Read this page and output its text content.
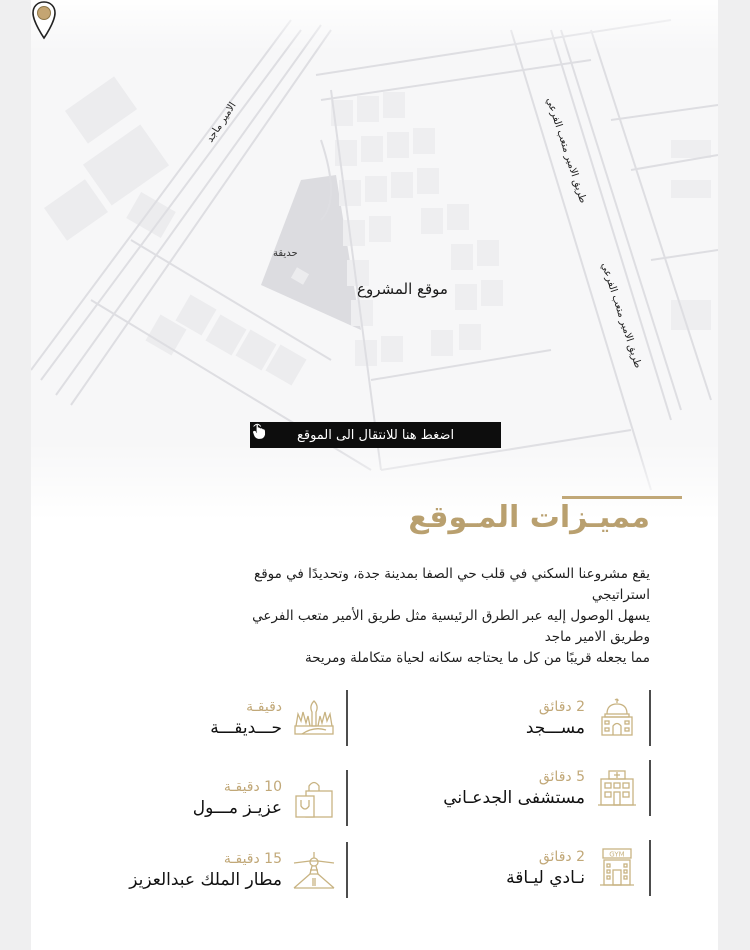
الامير ماجد	طريق الامير متعب الفرعي
طريق الامير متعب الفرعي
حديقة
موقع المشروع
اضغط هنا للانتقال الى الموقع
مميـزات المـوقع

يقع مشروعنا السكني في قلب حي الصفا بمدينة جدة، وتحديدًا في موقع استراتيجي

يسهل الوصول إليه عبر الطرق الرئيسية مثل طريق الأمير متعب الفرعي وطريق الامير ماجد

مما يجعله قريبًا من كل ما يحتاجه سكانه لحياة متكاملة ومريحة

2 دقائق
مســـجد
5 دقائق
مستشفى الجدعـاني
GYM
2 دقائق
نـادي ليـاقة
دقيقـة
حـــديقـــة
10 دقيقـة
عزيـز مـــول
15 دقيقـة
مطار الملك عبدالعزيز
